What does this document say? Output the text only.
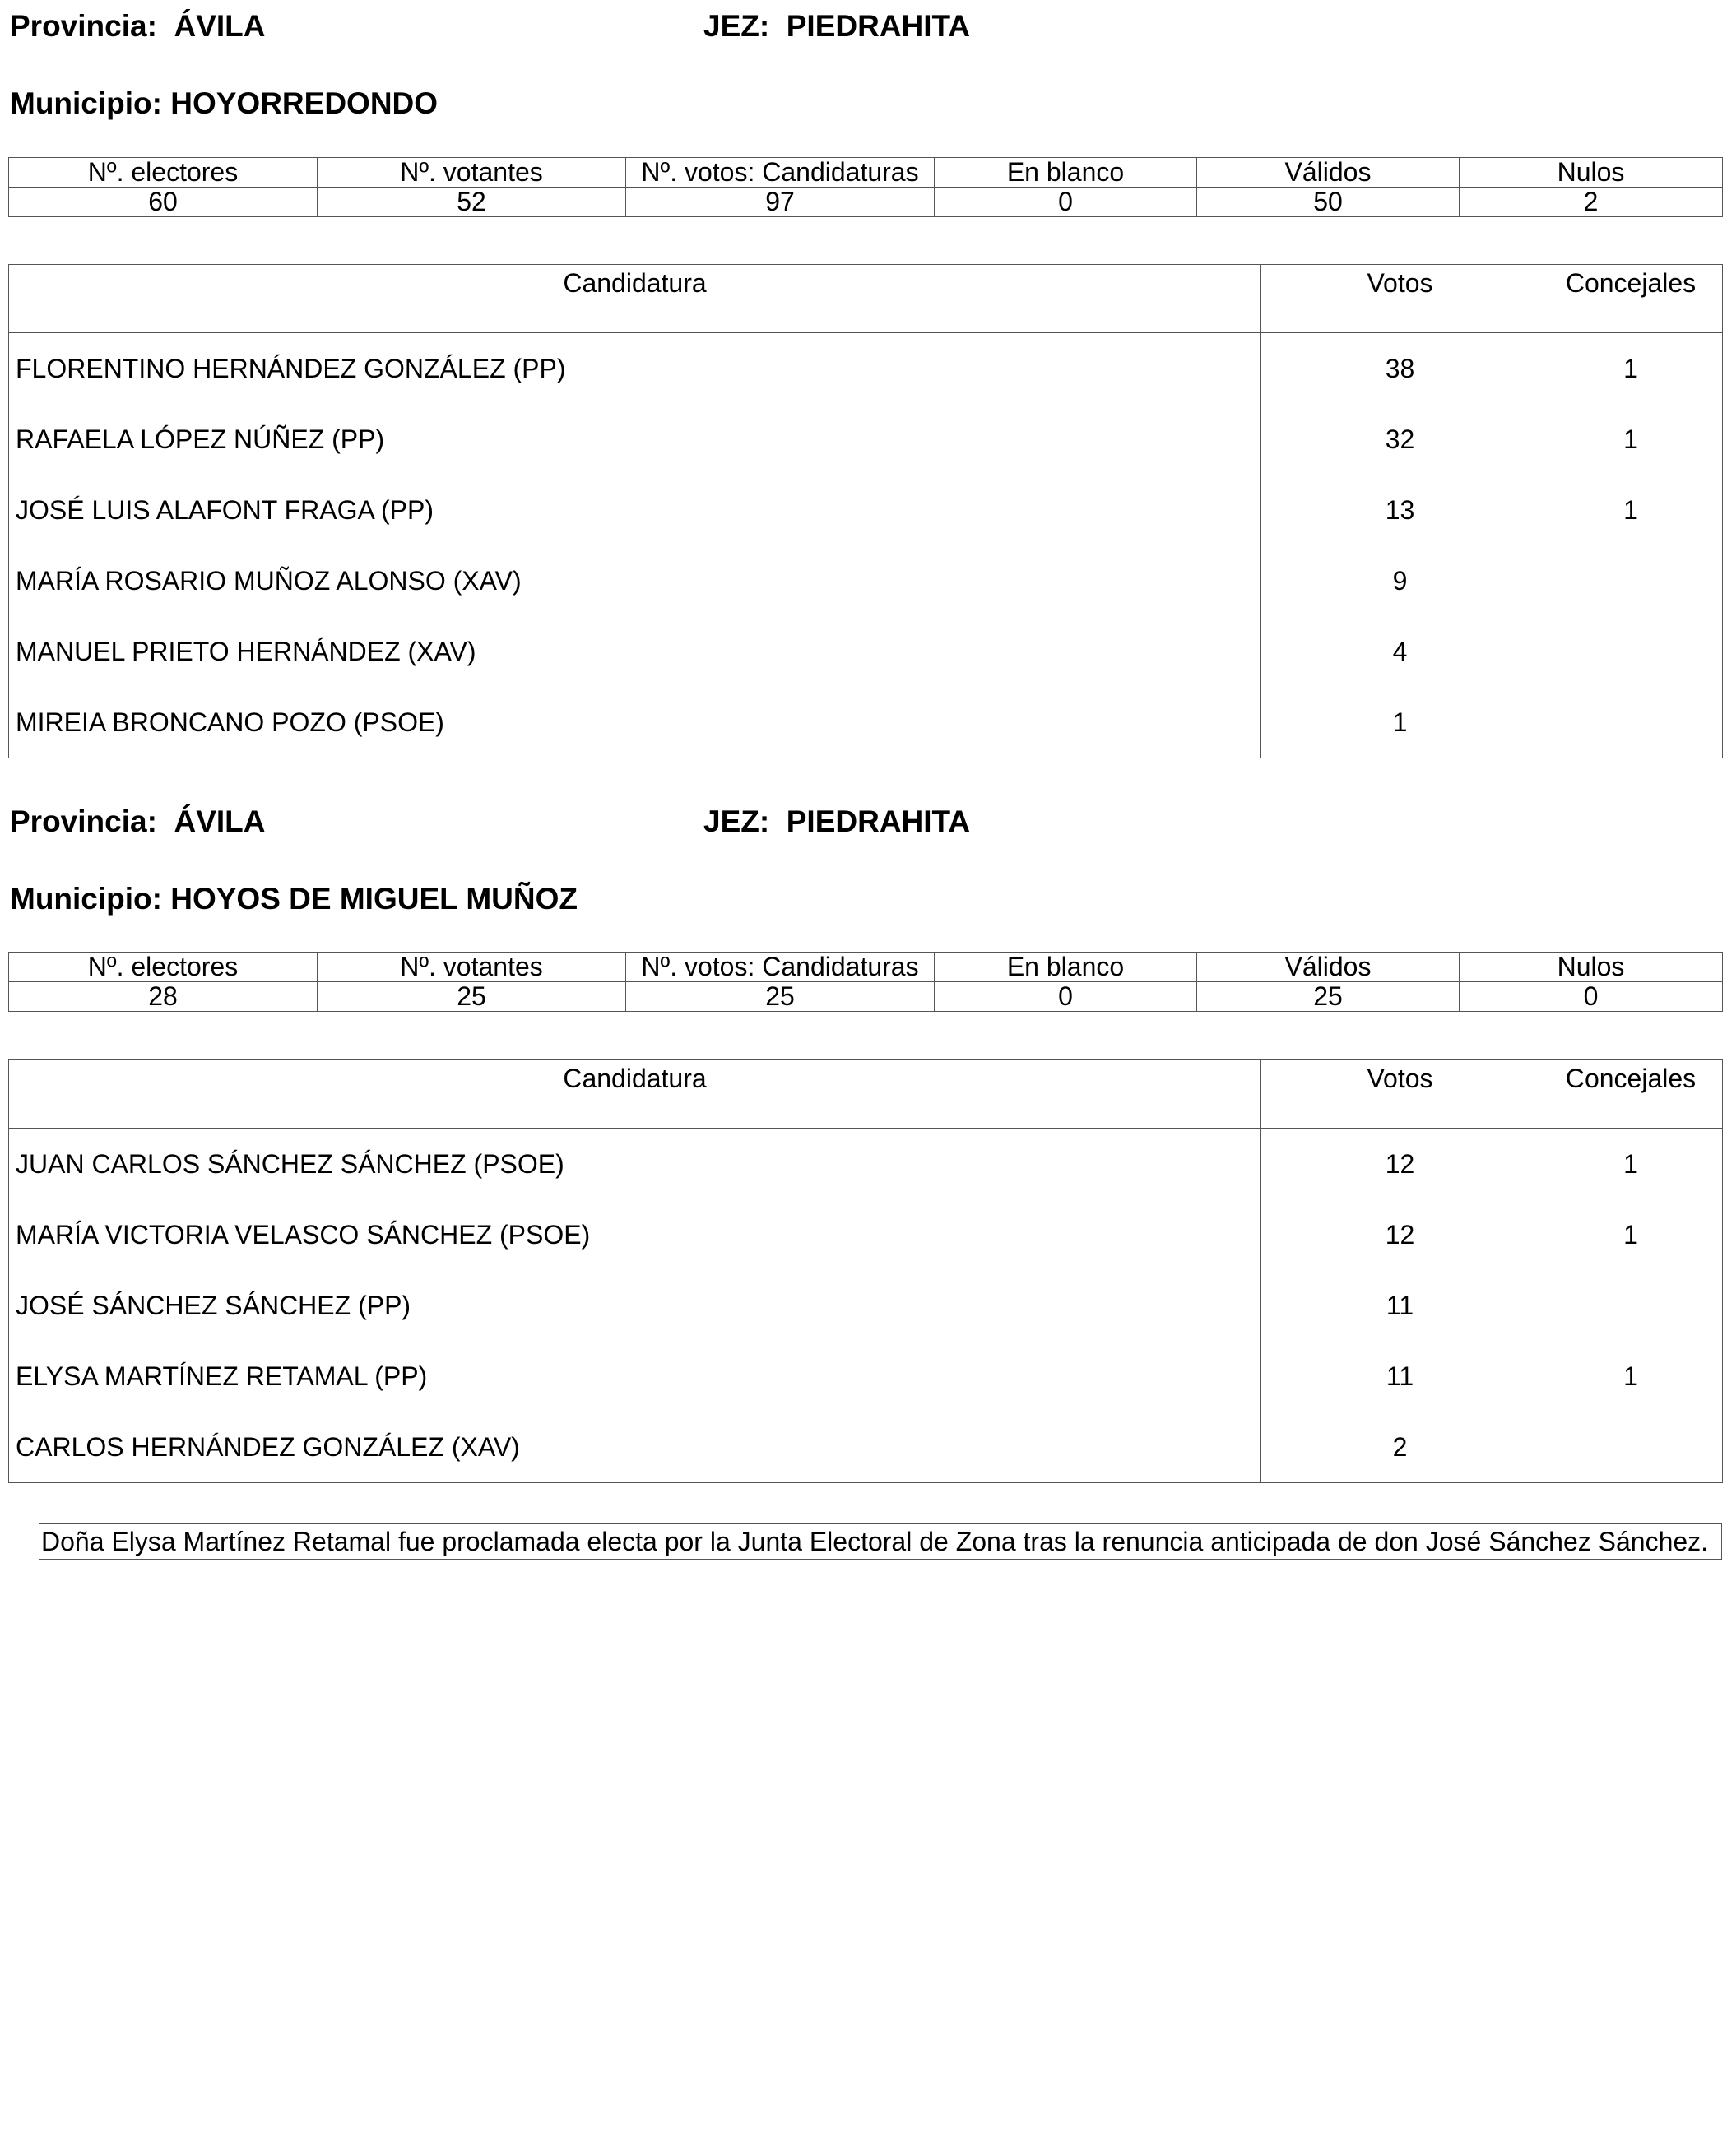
Provincia: ÁVILA	JEZ: PIEDRAHITA
Municipio: HOYORREDONDO
Nº. electores	Nº. votantes	Nº. votos: Candidaturas	En blanco	Válidos	Nulos
60	52	97	0	50	2
Candidatura	Votos	Concejales
FLORENTINO HERNÁNDEZ GONZÁLEZ (PP)	38	1
RAFAELA LÓPEZ NÚÑEZ (PP)	32	1
JOSÉ LUIS ALAFONT FRAGA (PP)	13	1
MARÍA ROSARIO MUÑOZ ALONSO (XAV)	9	
MANUEL PRIETO HERNÁNDEZ (XAV)	4	
MIREIA BRONCANO POZO (PSOE)	1	
Provincia: ÁVILA	JEZ: PIEDRAHITA
Municipio: HOYOS DE MIGUEL MUÑOZ
Nº. electores	Nº. votantes	Nº. votos: Candidaturas	En blanco	Válidos	Nulos
28	25	25	0	25	0
Candidatura	Votos	Concejales
JUAN CARLOS SÁNCHEZ SÁNCHEZ (PSOE)	12	1
MARÍA VICTORIA VELASCO SÁNCHEZ (PSOE)	12	1
JOSÉ SÁNCHEZ SÁNCHEZ (PP)	11	
ELYSA MARTÍNEZ RETAMAL (PP)	11	1
CARLOS HERNÁNDEZ GONZÁLEZ (XAV)	2	
Doña Elysa Martínez Retamal fue proclamada electa por la Junta Electoral de Zona tras la renuncia anticipada de don José Sánchez Sánchez.
